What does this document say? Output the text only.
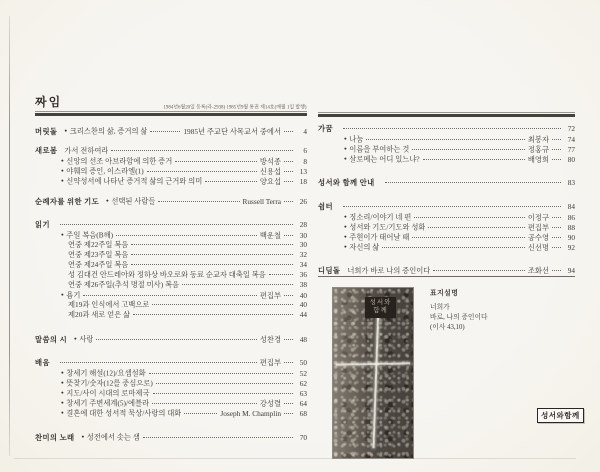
짜임	1984년6월20일 등록(라-2938) 1985년9월 통권 제14호(매월 1일 발행)
머릿돌	● 크리스찬의 삶, 증거의 삶	1985년 주교단 사목교서 중에서	4
새로봄 가서 전하여라	6
● 신앙의 선조 아브라함에 의한 증거	방석종	8
● 야훼의 증인, 이스라엘(1)	신용섭	13
● 신약성서에 나타난 증거적 삶의 근거와 의미	양요섭	18
순례자를 위한 기도	● 선택된 사람들	Russell Terra	26
읽기	28
● 주일 복음(B해)	백운철	30
연중 제22주일 복음	30
연중 제23주일 복음	32
연중 제24주일 복음	34
성 김대건 안드레아와 정하상 바오로와 동료 순교자 대축일 복음	36
연중 제26주일(추석 명절 미사) 복음	38
● 욥기	편집부	40
제19과 인식에서 고백으로	40
제20과 새로 얻은 삶	44
말씀의 시	● 사랑	성찬경	48
배움	편집부	50
● 창세기 해설(12)/요셉설화	52
● 뜻찾기/숫자(12를 중심으로)	62
● 지도/사이 시대의 로마제국	63
● 창세기 주변세계(5)/에블라	강성렬	64
● 결혼에 대한 성서적 묵상/사랑의 대화	Joseph M. Champlin	68
찬미의 노래	● 성전에서 솟는 샘	70
가꿈	72
● 나눔	최봉자	74
● 이름을 부여하는 것	정홍규	77
● 살로메는 어디 있느냐?	배영희	80
성서와 함께 안내	83
쉼터	84
● 징소리/이야기 네 편	이정구	86
● 성서와 기도/기도와 성화	편집부	88
● 주현이가 태어날 때	공수영	90
● 자신의 삶	신선명	92
디딤돌 너희가 바로 나의 증인이다	조화선	94
성서와
함께
표지설명
너희가
바로, 나의 증인이다
(이사 43,10)
성서와함께
